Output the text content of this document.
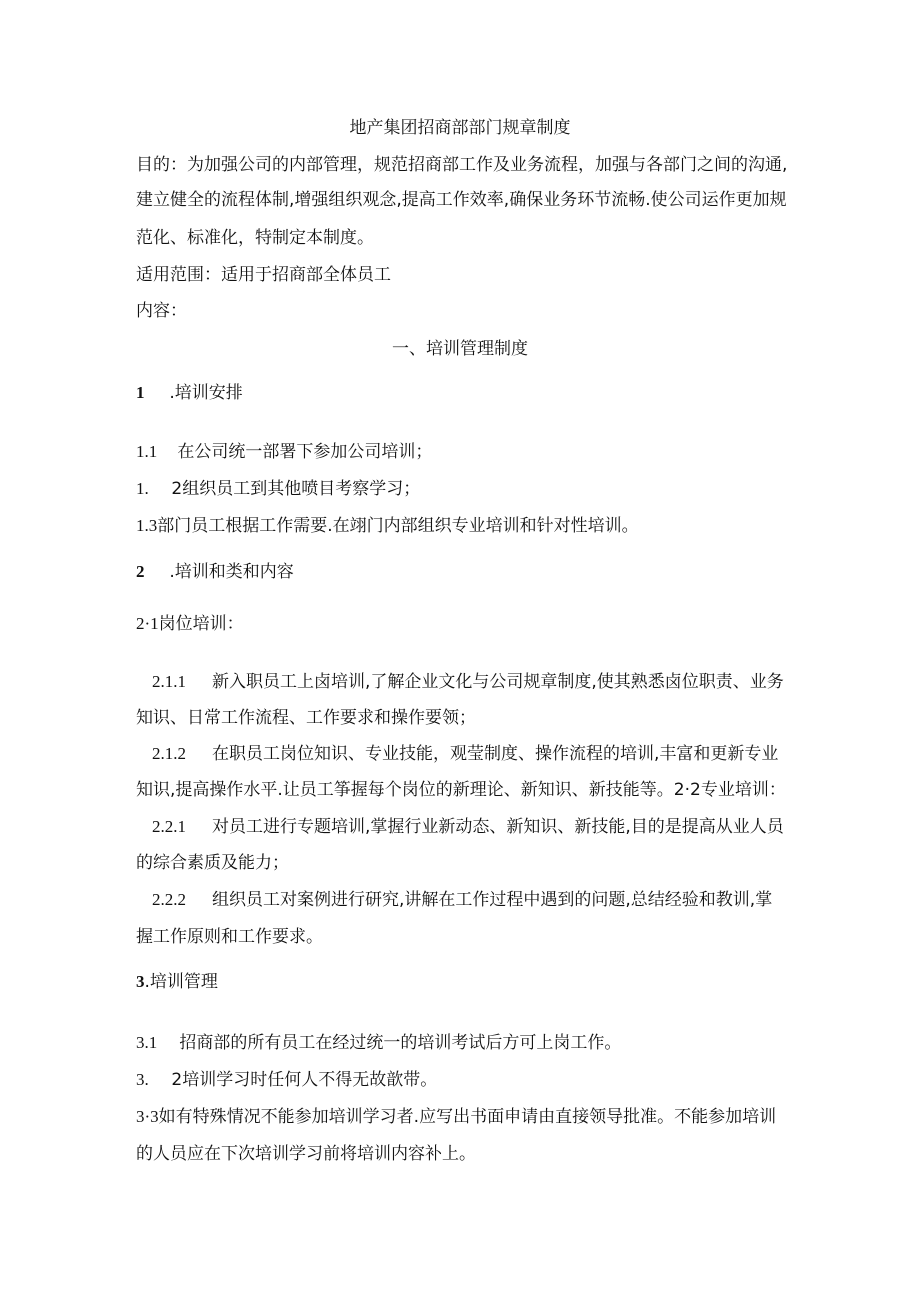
地产集团招商部部门规章制度
目的：为加强公司的内部管理，规范招商部工作及业务流程，加强与各部门之间的沟通,
建立健全的流程体制,增强组织观念,提高工作效率,确保业务环节流畅.使公司运作更加规
范化、标准化，特制定本制度。
适用范围：适用于招商部全体员工
内容：
一、培训管理制度
1 .培训安排
1.1 在公司统一部署下参加公司培训；
1. 2组织员工到其他喷目考察学习；
1.3部门员工根据工作需要.在翊门内部组织专业培训和针对性培训。
2 .培训和类和内容
2·1岗位培训：
2.1.1 新入职员工上卤培训,了解企业文化与公司规章制度,使其熟悉卤位职责、业务
知识、日常工作流程、工作要求和操作要领；
2.1.2 在职员工岗位知识、专业技能，观莹制度、操作流程的培训,丰富和更新专业
知识,提高操作水平.让员工筝握每个岗位的新理论、新知识、新技能等。2·2专业培训：
2.2.1 对员工进行专题培训,掌握行业新动态、新知识、新技能,目的是提高从业人员
的综合素质及能力；
2.2.2 组织员工对案例进行研究,讲解在工作过程中遇到的问题,总结经验和教训,掌
握工作原则和工作要求。
3.培训管理
3.1 招商部的所有员工在经过统一的培训考试后方可上岗工作。
3. 2培训学习时任何人不得无故歆带。
3·3如有特殊情况不能参加培训学习者.应写出书面申请由直接领导批准。不能参加培训
的人员应在下次培训学习前将培训内容补上。
